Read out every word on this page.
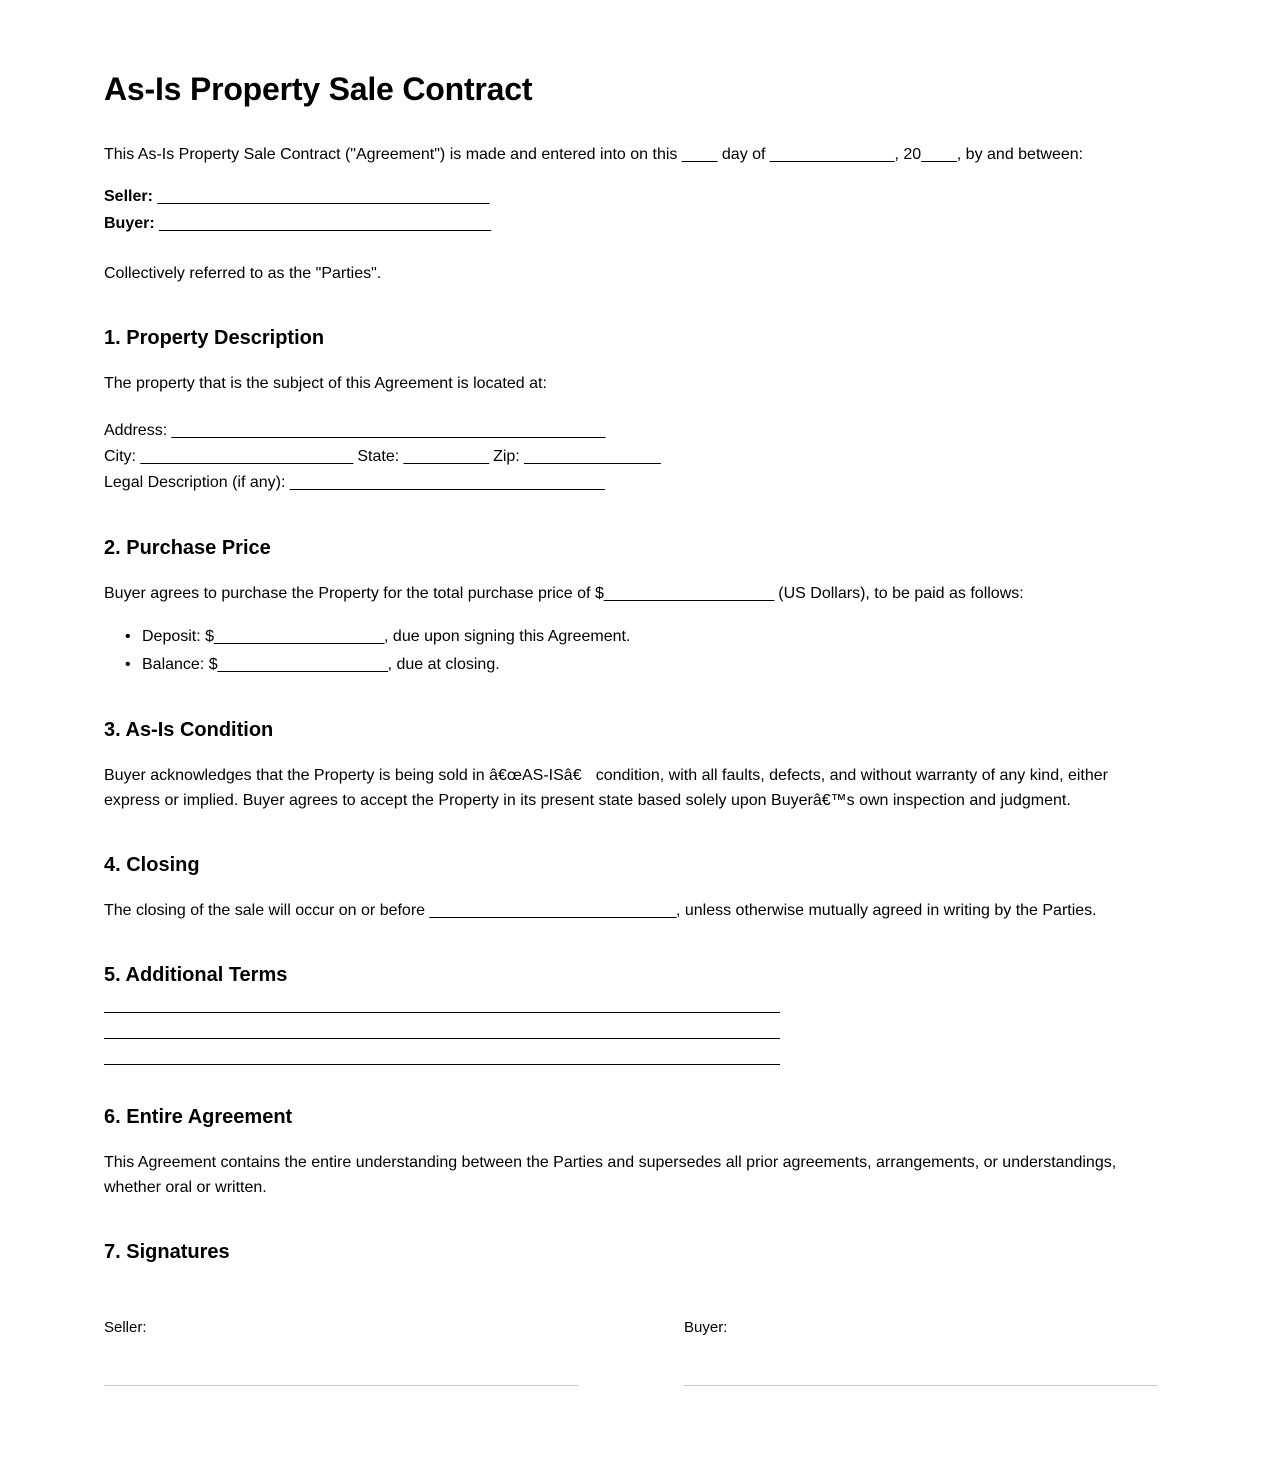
As-Is Property Sale Contract

This As-Is Property Sale Contract ("Agreement") is made and entered into on this ____ day of ______________, 20____, by and between:

Seller: _______________________________________

Buyer: _______________________________________

Collectively referred to as the "Parties".

1. Property Description

The property that is the subject of this Agreement is located at:

Address: ___________________________________________________

City: _________________________ State: __________ Zip: ________________

Legal Description (if any): _____________________________________

2. Purchase Price

Buyer agrees to purchase the Property for the total purchase price of $____________________ (US Dollars), to be paid as follows:

• Deposit: $____________________, due upon signing this Agreement.
• Balance: $____________________, due at closing.
3. As-Is Condition

Buyer acknowledges that the Property is being sold in â€œAS-ISâ€ condition, with all faults, defects, and without warranty of any kind, either express or implied. Buyer agrees to accept the Property in its present state based solely upon Buyerâ€™s own inspection and judgment.

4. Closing

The closing of the sale will occur on or before _____________________________, unless otherwise mutually agreed in writing by the Parties.

5. Additional Terms
6. Entire Agreement

This Agreement contains the entire understanding between the Parties and supersedes all prior agreements, arrangements, or understandings, whether oral or written.

7. Signatures

Seller:	Buyer:
